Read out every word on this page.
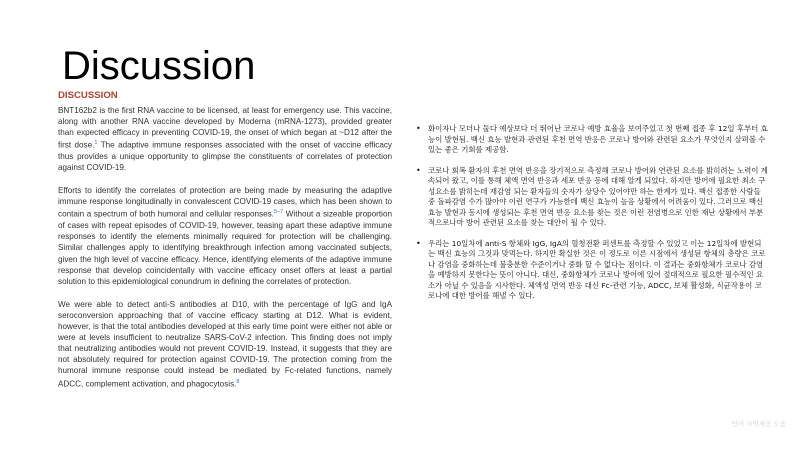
Discussion
DISCUSSION

BNT162b2 is the first RNA vaccine to be licensed, at least for emergency use. This vaccine, along with another RNA vaccine developed by Moderna (mRNA-1273), provided greater than expected efficacy in preventing COVID-19, the onset of which began at ~D12 after the first dose.$^1$ The adaptive immune responses associated with the onset of vaccine efficacy thus provides a unique opportunity to glimpse the constituents of correlates of protection against COVID-19.

Efforts to identify the correlates of protection are being made by measuring the adaptive immune response longitudinally in convalescent COVID-19 cases, which has been shown to contain a spectrum of both humoral and cellular responses.$^{5-7}$ Without a sizeable proportion of cases with repeat episodes of COVID-19, however, teasing apart these adaptive immune responses to identify the elements minimally required for protection will be challenging. Similar challenges apply to identifying breakthrough infection among vaccinated subjects, given the high level of vaccine efficacy. Hence, identifying elements of the adaptive immune response that develop coincidentally with vaccine efficacy onset offers at least a partial solution to this epidemiological conundrum in defining the correlates of protection.

We were able to detect anti-S antibodies at D10, with the percentage of IgG and IgA seroconversion approaching that of vaccine efficacy starting at D12. What is evident, however, is that the total antibodies developed at this early time point were either not able or were at levels insufficient to neutralize SARS-CoV-2 infection. This finding does not imply that neutralizing antibodies would not prevent COVID-19. Instead, it suggests that they are not absolutely required for protection against COVID-19. The protection coming from the humoral immune response could instead be mediated by Fc-related functions, namely ADCC, complement activation, and phagocytosis.$^8$

• 화이자나 모더나 둘다 예상보다 더 뛰어난 코로나 예방 효율을 보여주었고 첫 번째 접종 후 12일 후부터 효능이 발현됨. 백신 효능 발현과 관련된 후천 면역 반응은 코로나 방어와 관련된 요소가 무엇인지 살펴볼 수 있는 좋은 기회를 제공함.
• 코로나 회복 환자의 후천 면역 반응을 장기적으로 측정해 코로나 방어와 연관된 요소를 밝히려는 노력이 계속되어 왔고, 이를 통해 체액 면역 반응과 세포 반응 등에 대해 알게 되었다. 하지만 방어에 필요한 최소 구성요소를 밝히는데 재감염 되는 환자들의 숫자가 상당수 있어야만 하는 한계가 있다. 백신 접종한 사람들 중 돌파감염 수가 많아야 이런 연구가 가능한데 백신 효능이 높음 상황에서 어려움이 있다. 그러므로 백신 효능 발현과 동시에 생성되는 후천 면역 반응 요소를 찾는 것은 이런 전염병으로 인한 재난 상황에서 부분적으로나마 방어 관련된 요소를 찾는 대안이 될 수 있다.
• 우리는 10일차에 anti-S 항체와 IgG, IgA의 혈청전환 퍼센트를 측정할 수 있었고 이는 12일차에 발현되는 백신 효능의 그것과 맞먹는다. 하지만 확실한 것은 이 정도로 이른 시점에서 생성된 항체의 총량은 코로나 감염을 중화하는데 불충분한 수준이거나 중화 할 수 없다는 점이다. 이 결과는 중화항체가 코로나 감염을 예방하지 못한다는 뜻이 아니다. 대신, 중화항체가 코로나 방어에 있어 절대적으로 필요한 필수적인 요소가 아닐 수 있음을 시사한다. 체액성 면역 반응 대신 Fc-관련 기능, ADCC, 보체 활성화, 식균작용이 코로나에 대한 방어를 해낼 수 있다.
언어 자막제공 도움
